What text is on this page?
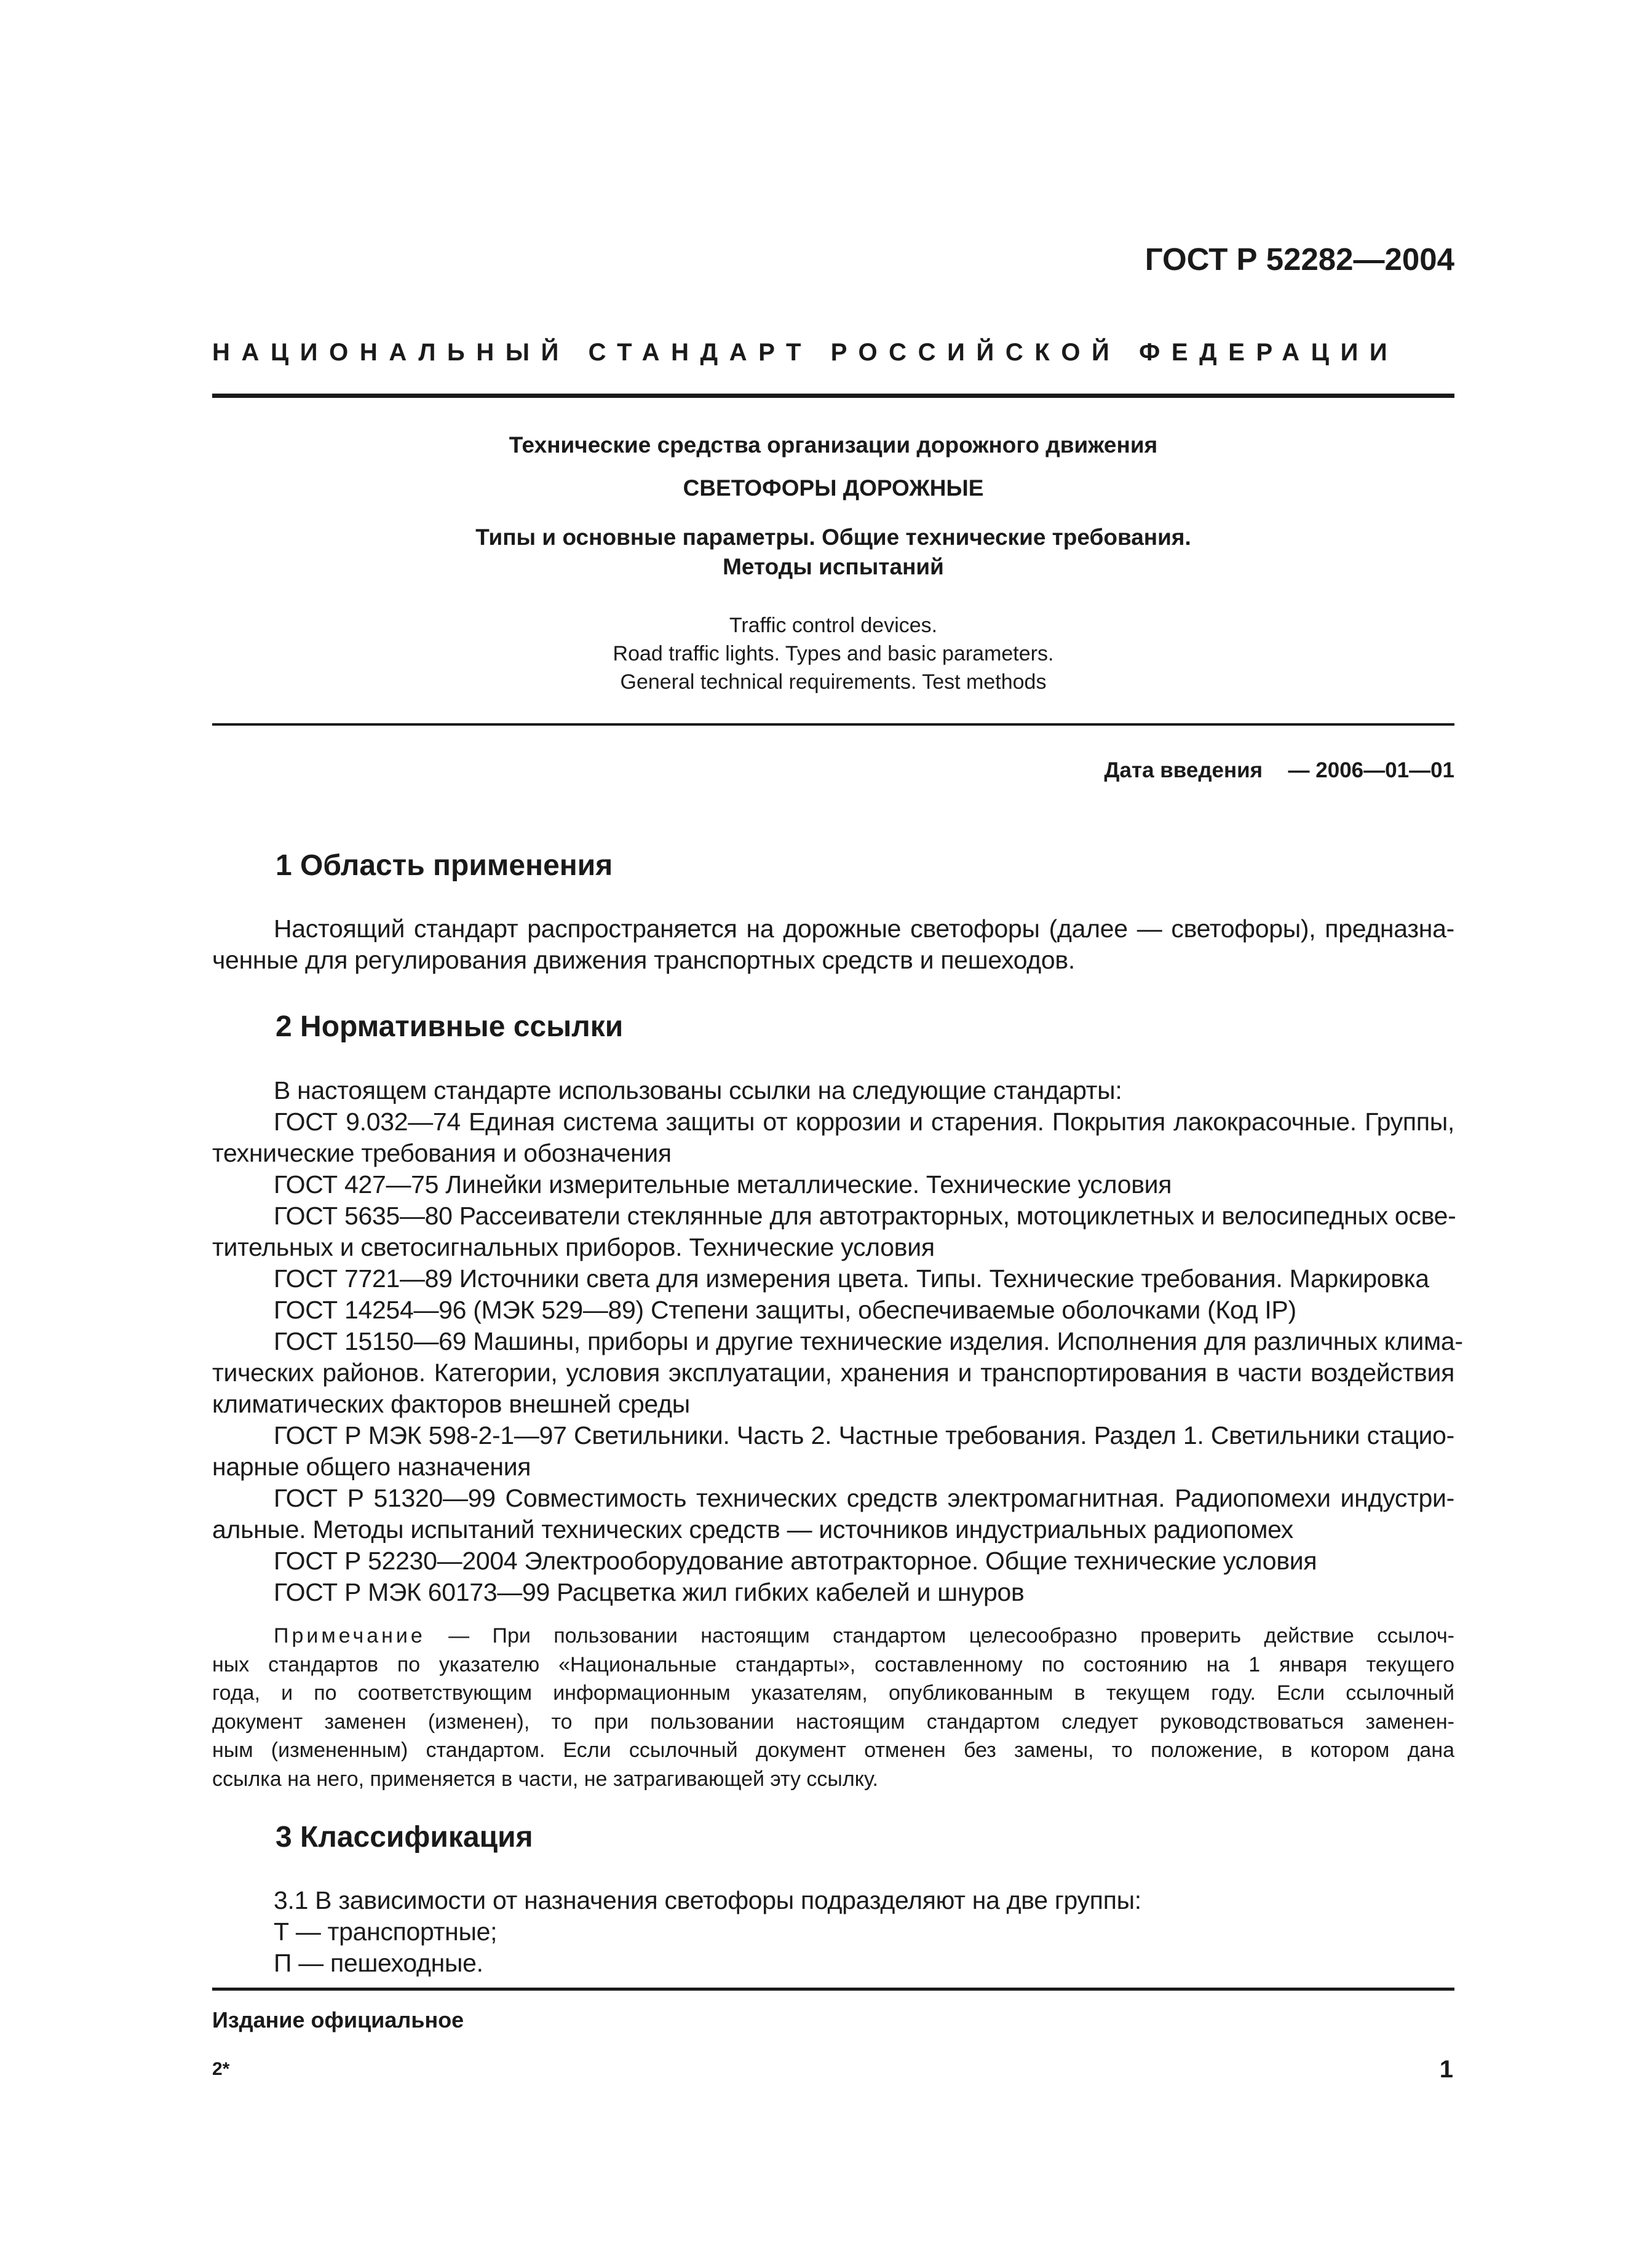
ГОСТ Р 52282—2004
НАЦИОНАЛЬНЫЙ СТАНДАРТ РОССИЙСКОЙ ФЕДЕРАЦИИ
Технические средства организации дорожного движения
СВЕТОФОРЫ ДОРОЖНЫЕ
Типы и основные параметры. Общие технические требования.
Методы испытаний
Traffic control devices.
Road traffic lights. Types and basic parameters.
General technical requirements. Test methods
Дата введения — 2006—01—01
1 Область применения
Настоящий стандарт распространяется на дорожные светофоры (далее — светофоры), предназна-
ченные для регулирования движения транспортных средств и пешеходов.
2 Нормативные ссылки
В настоящем стандарте использованы ссылки на следующие стандарты:
ГОСТ 9.032—74 Единая система защиты от коррозии и старения. Покрытия лакокрасочные. Группы,
технические требования и обозначения
ГОСТ 427—75 Линейки измерительные металлические. Технические условия
ГОСТ 5635—80 Рассеиватели стеклянные для автотракторных, мотоциклетных и велосипедных осве-
тительных и светосигнальных приборов. Технические условия
ГОСТ 7721—89 Источники света для измерения цвета. Типы. Технические требования. Маркировка
ГОСТ 14254—96 (МЭК 529—89) Степени защиты, обеспечиваемые оболочками (Код IP)
ГОСТ 15150—69 Машины, приборы и другие технические изделия. Исполнения для различных клима-
тических районов. Категории, условия эксплуатации, хранения и транспортирования в части воздействия
климатических факторов внешней среды
ГОСТ Р МЭК 598-2-1—97 Светильники. Часть 2. Частные требования. Раздел 1. Светильники стацио-
нарные общего назначения
ГОСТ Р 51320—99 Совместимость технических средств электромагнитная. Радиопомехи индустри-
альные. Методы испытаний технических средств — источников индустриальных радиопомех
ГОСТ Р 52230—2004 Электрооборудование автотракторное. Общие технические условия
ГОСТ Р МЭК 60173—99 Расцветка жил гибких кабелей и шнуров
Примечание — При пользовании настоящим стандартом целесообразно проверить действие ссылоч-
ных стандартов по указателю «Национальные стандарты», составленному по состоянию на 1 января текущего
года, и по соответствующим информационным указателям, опубликованным в текущем году. Если ссылочный
документ заменен (изменен), то при пользовании настоящим стандартом следует руководствоваться заменен-
ным (измененным) стандартом. Если ссылочный документ отменен без замены, то положение, в котором дана
ссылка на него, применяется в части, не затрагивающей эту ссылку.
3 Классификация
3.1 В зависимости от назначения светофоры подразделяют на две группы:
Т — транспортные;
П — пешеходные.
Издание официальное
2*	1
